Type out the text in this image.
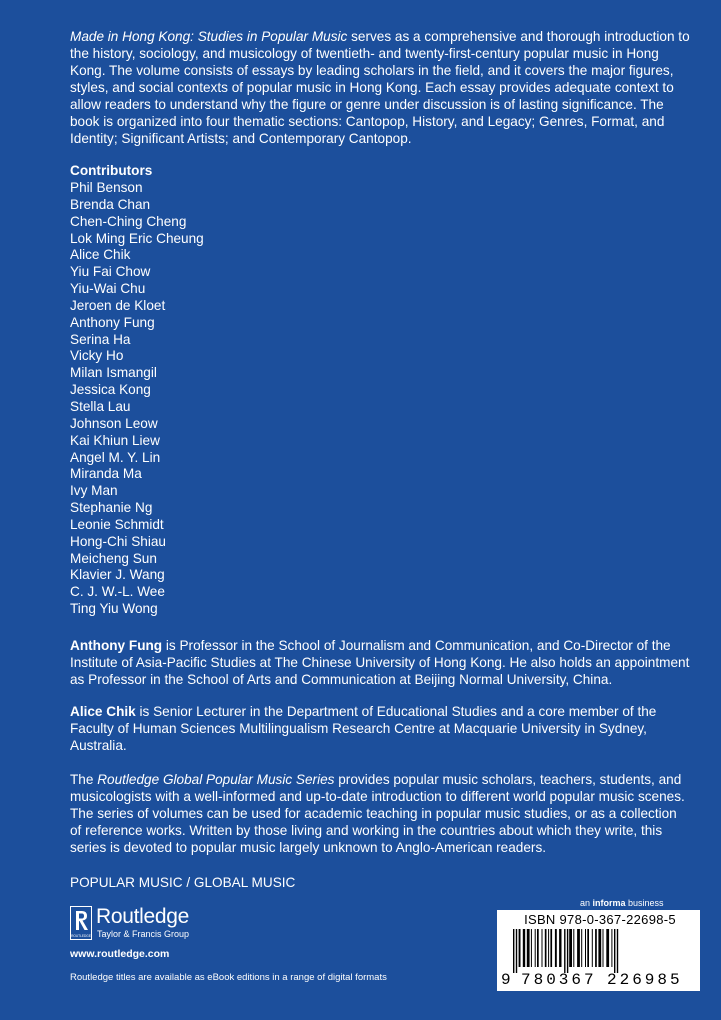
Made in Hong Kong: Studies in Popular Music serves as a comprehensive and thorough introduction to the history, sociology, and musicology of twentieth- and twenty-first-century popular music in Hong Kong. The volume consists of essays by leading scholars in the field, and it covers the major figures, styles, and social contexts of popular music in Hong Kong. Each essay provides adequate context to allow readers to understand why the figure or genre under discussion is of lasting significance. The book is organized into four thematic sections: Cantopop, History, and Legacy; Genres, Format, and Identity; Significant Artists; and Contemporary Cantopop.

Contributors
Phil Benson
Brenda Chan
Chen-Ching Cheng
Lok Ming Eric Cheung
Alice Chik
Yiu Fai Chow
Yiu-Wai Chu
Jeroen de Kloet
Anthony Fung
Serina Ha
Vicky Ho
Milan Ismangil
Jessica Kong
Stella Lau
Johnson Leow
Kai Khiun Liew
Angel M. Y. Lin
Miranda Ma
Ivy Man
Stephanie Ng
Leonie Schmidt
Hong-Chi Shiau
Meicheng Sun
Klavier J. Wang
C. J. W.-L. Wee
Ting Yiu Wong

Anthony Fung is Professor in the School of Journalism and Communication, and Co-Director of the Institute of Asia-Pacific Studies at The Chinese University of Hong Kong. He also holds an appointment as Professor in the School of Arts and Communication at Beijing Normal University, China.

Alice Chik is Senior Lecturer in the Department of Educational Studies and a core member of the Faculty of Human Sciences Multilingualism Research Centre at Macquarie University in Sydney, Australia.

The Routledge Global Popular Music Series provides popular music scholars, teachers, students, and musicologists with a well-informed and up-to-date introduction to different world popular music scenes. The series of volumes can be used for academic teaching in popular music studies, or as a collection of reference works. Written by those living and working in the countries about which they write, this series is devoted to popular music largely unknown to Anglo-American readers.

POPULAR MUSIC / GLOBAL MUSIC
ROUTLEDGE
Routledge
Taylor & Francis Group
www.routledge.com
Routledge titles are available as eBook editions in a range of digital formats
an informa business
ISBN 978-0-367-22698-5
9 780367 226985
